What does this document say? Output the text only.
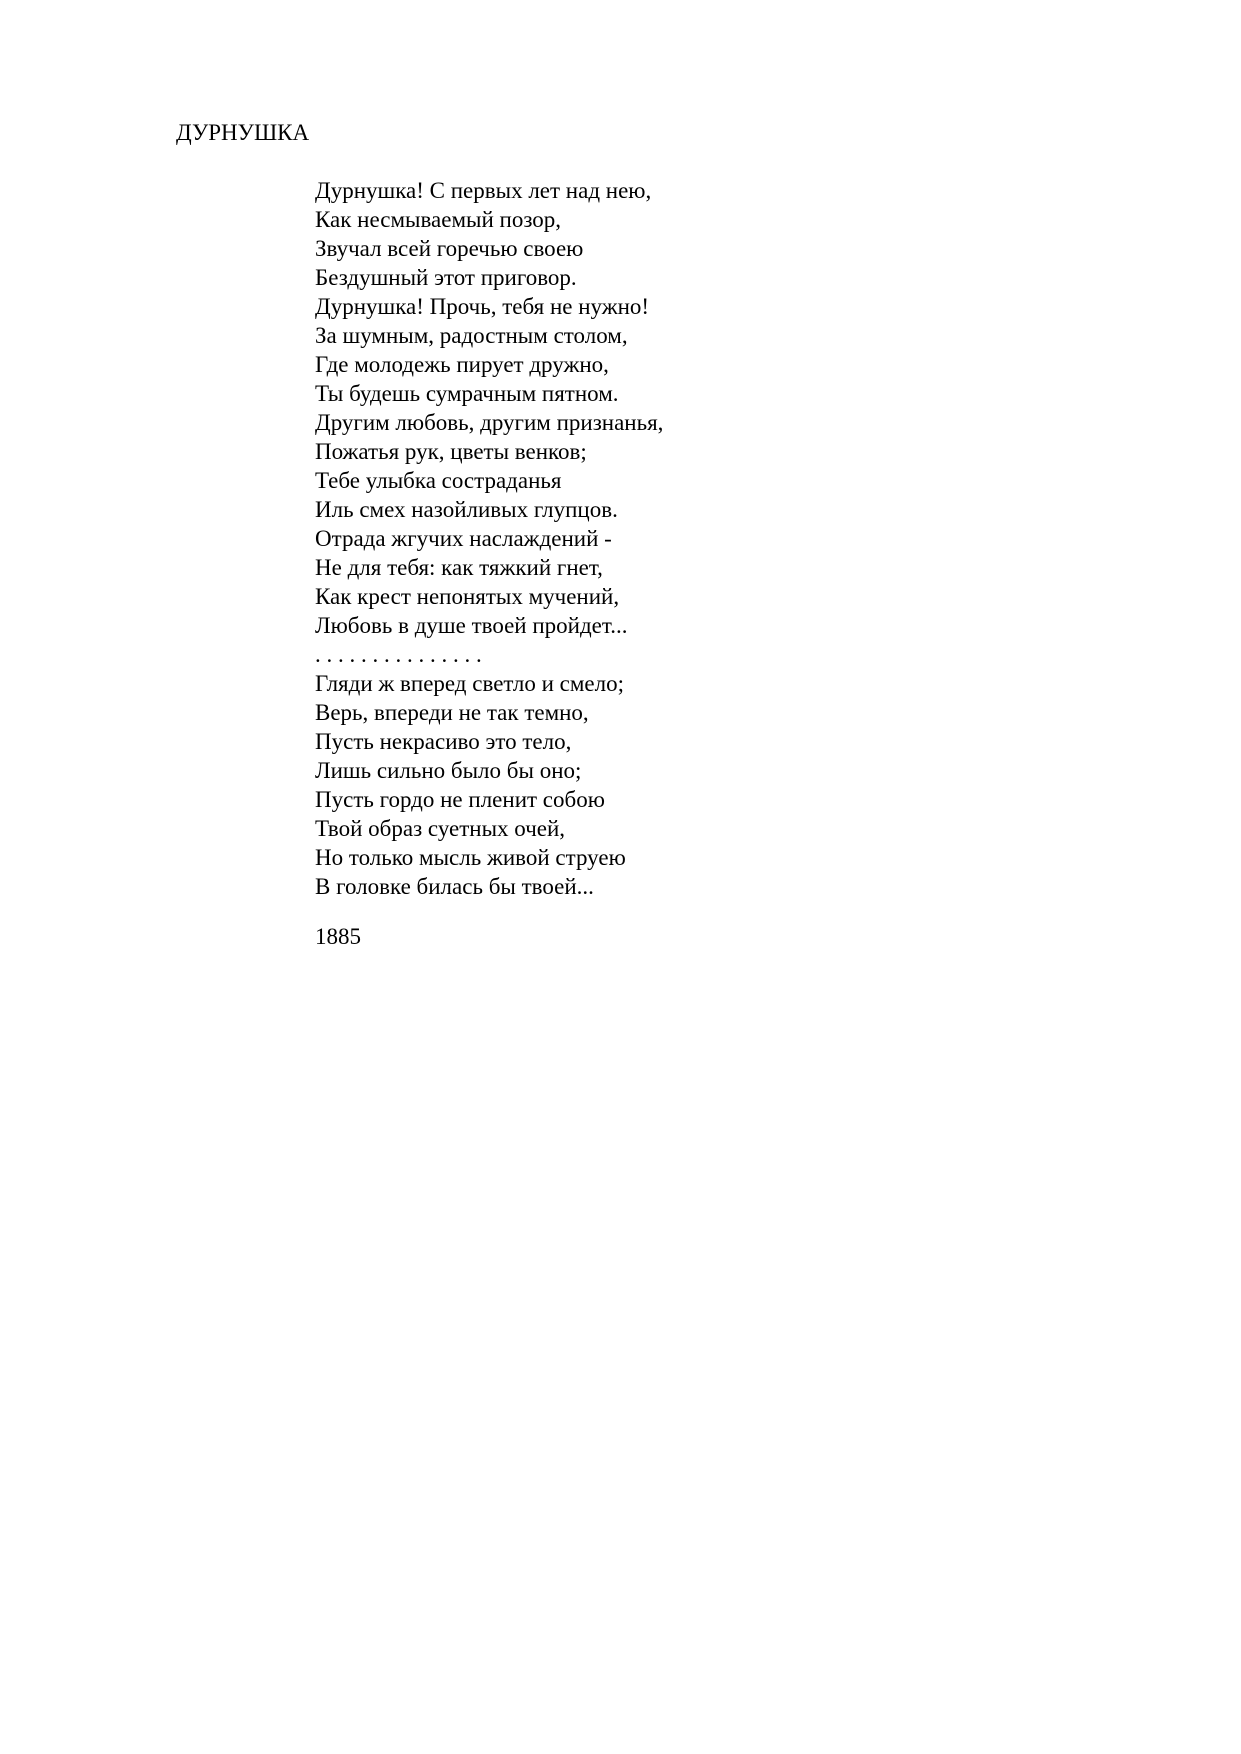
ДУРНУШКА
Дурнушка! С первых лет над нею,
Как несмываемый позор,
Звучал всей горечью своею
Бездушный этот приговор.
Дурнушка! Прочь, тебя не нужно!
За шумным, радостным столом,
Где молодежь пирует дружно,
Ты будешь сумрачным пятном.
Другим любовь, другим признанья,
Пожатья рук, цветы венков;
Тебе улыбка состраданья
Иль смех назойливых глупцов.
Отрада жгучих наслаждений -
Не для тебя: как тяжкий гнет,
Как крест непонятых мучений,
Любовь в душе твоей пройдет...
. . . . . . . . . . . . . . .
Гляди ж вперед светло и смело;
Верь, впереди не так темно,
Пусть некрасиво это тело,
Лишь сильно было бы оно;
Пусть гордо не пленит собою
Твой образ суетных очей,
Но только мысль живой струею
В головке билась бы твоей...
1885
